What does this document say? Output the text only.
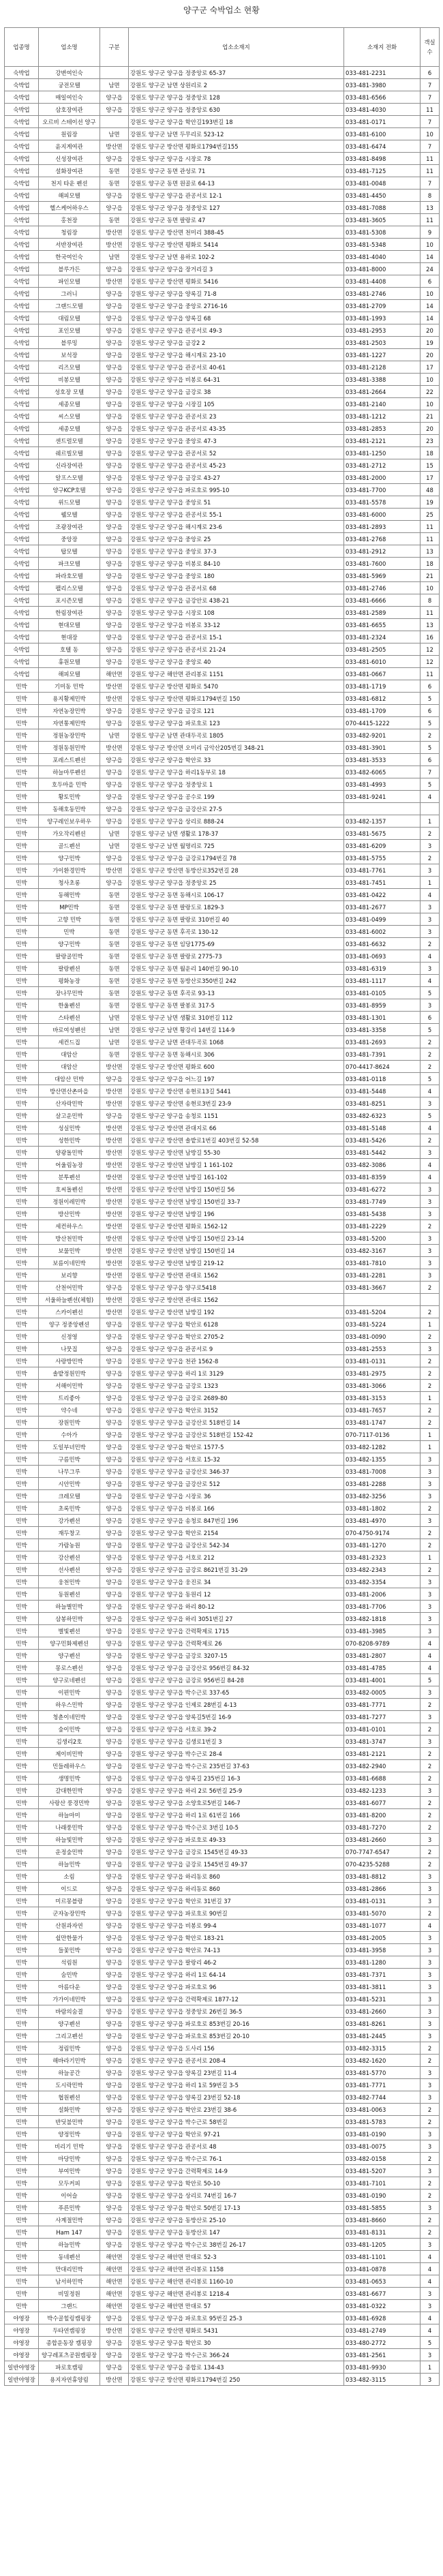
양구군 숙박업소 현황
업종명	업소명	구분	업소소재지	소재지 전화	객실수
숙박업	강변여인숙		강원도 양구군 양구읍 정중앙로 65-37	033-481-2231	6
숙박업	궁전모텔	남면	강원도 양구군 남면 상원리로 2	033-481-3980	7
숙박업	매일여인숙	양구읍	강원도 양구군 양구읍 정중앙로 128	033-481-6566	7
숙박업	삼호장여관	양구읍	강원도 양구군 양구읍 정중앙로 630	033-481-4030	11
숙박업	오르비 스테이션 양구		강원도 양구군 양구읍 학안길193번길 18	033-481-0171	7
숙박업	원림장	남면	강원도 양구군 남면 두무리로 523-12	033-481-6100	10
숙박업	윤지게여관	방산면	강원도 양구군 방산면 평화로1794번길155	033-481-6474	7
숙박업	신성장여관	양구읍	강원도 양구군 양구읍 시장로 78	033-481-8498	11
숙박업	설화장여관	동면	강원도 양구군 동면 관성로 71	033-481-7125	11
숙박업	천지 타운 펜션	동면	강원도 양구군 동면 원골로 64-13	033-481-0048	7
숙박업	해피모텔	양구읍	강원도 양구군 양구읍 관공서로 12-1	033-481-4450	8
숙박업	헬스케어하우스	양구읍	강원도 양구군 양구읍 정중앙로 127	033-481-7088	13
숙박업	홍천장	동면	강원도 양구군 동면 팔랑로 47	033-481-3605	11
숙박업	청림장	방산면	강원도 양구군 방산면 천미리 388-45	033-481-5308	9
숙박업	서반장여관	방산면	강원도 양구군 방산면 평화로 5414	033-481-5348	10
숙박업	한국여인숙	남면	강원도 양구군 남면 용하로 102-2	033-481-4040	14
숙박업	블루가든	양구읍	강원도 양구군 양구읍 장거리길 3	033-481-8000	24
숙박업	파인모텔	방산면	강원도 양구군 방산면 평화로 5416	033-481-4408	6
숙박업	그러니	양구읍	강원도 양구군 양구읍 양록길 71-8	033-481-2746	10
숙박업	그랜드모텔	양구읍	강원도 양구군 양구읍 중앙로 2716-16	033-481-2709	14
숙박업	대림모텔	양구읍	강원도 양구군 양구읍 양록길 68	033-481-1993	14
숙박업	포인모텔	양구읍	강원도 양구군 양구읍 관공서로 49-3	033-481-2953	20
숙박업	블루밍	양구읍	강원도 양구군 양구읍 금강2 2	033-481-2503	19
숙박업	보석장	양구읍	강원도 양구군 양구읍 해시계로 23-10	033-481-1227	20
숙박업	리즈모텔	양구읍	강원도 양구군 양구읍 관공서로 40-61	033-481-2128	17
숙박업	비봉모텔	양구읍	강원도 양구군 양구읍 비봉로 64-31	033-481-3388	10
숙박업	성호장 모텔	양구읍	강원도 양구군 양구읍 금강로 38	033-481-2664	22
숙박업	세종모텔	양구읍	강원도 양구군 양구읍 시장길 105	033-481-2140	10
숙박업	씨스모텔	양구읍	강원도 양구군 양구읍 관공서로 23	033-481-1212	21
숙박업	세종모텔	양구읍	강원도 양구군 양구읍 관공서로 43-35	033-481-2853	20
숙박업	센트럴모텔	양구읍	강원도 양구군 양구읍 중앙로 47-3	033-481-2121	23
숙박업	쉐르빌모텔	양구읍	강원도 양구군 양구읍 관공서로 52	033-481-1250	18
숙박업	신라장여관	양구읍	강원도 양구군 양구읍 관공서로 45-23	033-481-2712	15
숙박업	알프스모텔	양구읍	강원도 양구군 양구읍 금강로 43-27	033-481-2000	17
숙박업	양구KCP호텔	양구읍	강원도 양구군 양구읍 파로호로 995-10	033-481-7700	48
숙박업	위드모텔	양구읍	강원도 양구군 양구읍 중앙로 51	033-481-5578	19
숙박업	웰모텔	양구읍	강원도 양구군 양구읍 관공서로 55-1	033-481-6000	25
숙박업	조광장여관	양구읍	강원도 양구군 양구읍 해시계로 23-6	033-481-2893	11
숙박업	중앙장	양구읍	강원도 양구군 양구읍 중앙로 25	033-481-2768	11
숙박업	탑모텔	양구읍	강원도 양구군 양구읍 중앙로 37-3	033-481-2912	13
숙박업	파크모텔	양구읍	강원도 양구군 양구읍 비봉로 84-10	033-481-7600	18
숙박업	파라호모텔	양구읍	강원도 양구군 양구읍 중앙로 180	033-481-5969	21
숙박업	팰리스모텔	양구읍	강원도 양구군 양구읍 관공서로 68	033-481-2746	10
숙박업	포시즌모텔	양구읍	강원도 양구군 양구읍 금강안로 438-21	033-481-6666	8
숙박업	한림장여관	양구읍	강원도 양구군 양구읍 시장로 108	033-481-2589	11
숙박업	현대모텔	양구읍	강원도 양구군 양구읍 비봉로 33-12	033-481-6655	13
숙박업	현대장	양구읍	강원도 양구군 양구읍 관공서로 15-1	033-481-2324	16
숙박업	호텔 동	양구읍	강원도 양구군 양구읍 관공서로 21-24	033-481-2505	12
숙박업	휴원모텔	양구읍	강원도 양구군 양구읍 중앙로 40	033-481-6010	12
숙박업	해피모텔	해안면	강원도 양구군 해안면 관리봉로 1151	033-481-0667	11
민박	기미동 민박	방산면	강원도 양구군 방산면 평화로 5470	033-481-1719	6
민박	용지황제민박	방산면	강원도 양구군 방산면 평화로1794번길 150	033-481-6812	5
민박	자연농장민박	양구읍	강원도 양구군 양구읍 금강로 121	033-481-1709	6
민박	자연통제민박	양구읍	강원도 양구군 양구읍 파로호로 123	070-4415-1222	5
민박	정원농장민박	남면	강원도 양구군 남면 관대두곡로 1805	033-482-9201	2
민박	정원동원민박	방산면	강원도 양구군 방산면 오미리 금악산205번길 348-21	033-481-3901	5
민박	포레스트펜션	양구읍	강원도 양구군 양구읍 학안로 33	033-481-3533	6
민박	하늘마루펜션	양구읍	강원도 양구군 양구읍 하리1동부로 18	033-482-6065	7
민박	호두마을 민박	양구읍	강원도 양구군 양구읍 정중앙로 1	033-481-4993	5
민박	황토민박	양구읍	강원도 양구군 양구읍 공수로 199	033-481-9241	4
민박	동해호동민박	양구읍	강원도 양구군 양구읍 금강산로 27-5		
민박	양구레인보우하우	양구읍	강원도 양구군 양구읍 상리로 888-24	033-482-1357	1
민박	가오작리펜션	남면	강원도 양구군 남면 생활로 178-37	033-481-5675	2
민박	골드펜션	남면	강원도 양구군 남면 월명리로 725	033-481-6209	3
민박	양구민박	양구읍	강원도 양구군 양구읍 금강로1794번길 78	033-481-5755	2
민박	가이환경민박	방산면	강원도 양구군 방산면 동방산로352번길 28	033-481-7761	3
민박	청사초롱	양구읍	강원도 양구군 양구읍 정중앙로 25	033-481-7451	1
민박	동해민박	동면	강원도 양구군 동면 동해시로 106-17	033-481-0422	4
민박	MP민박	동면	강원도 양구군 동면 팔랑도로 1829-3	033-481-2677	3
민박	고향 민박	동면	강원도 양구군 동면 팔랑로 310번길 40	033-481-0499	3
민박	민박	동면	강원도 양구군 동면 후곡로 130-12	033-481-6002	3
민박	양구민박	동면	강원도 양구군 동면 임당1775-69	033-481-6632	2
민박	팔랑골민박	동면	강원도 양구군 동면 팔랑로 2775-73	033-481-0693	4
민박	팔랑펜션	동면	강원도 양구군 동면 월운리 140번길 90-10	033-481-6319	3
민박	평화농장	동면	강원도 양구군 동면 동방산로350번길 242	033-481-1117	4
민박	장나무민박	동면	강원도 양구군 동면 후곡로 93-13	033-481-0105	5
민박	한울펜션	동면	강원도 양구군 동면 팔봉로 317-5	033-481-8959	3
민박	스타펜션	남면	강원도 양구군 남면 생활로 310번길 112	033-481-1301	6
민박	바로여성팬션	남면	강원도 양구군 남면 황강리 14번길 114-9	033-481-3358	5
민박	세컨드집	남면	강원도 양구군 남면 관대두곡로 1068	033-481-2693	2
민박	대암산	동면	강원도 양구군 동면 동해시로 306	033-481-7391	2
민박	대암산	방산면	강원도 양구군 방산면 평화로 600	070-4417-8624	2
민박	대암산 민박	양구읍	강원도 양구군 양구읍 어느길 197	033-481-0118	5
민박	방산면산촌마을	방산면	강원도 양구군 방산면 송현로13길 5441	033-481-5448	4
민박	산자락민박	방산면	강원도 양구군 방산면 송현로3번길 23-9	033-481-8251	3
민박	살고운민박	양구읍	강원도 양구군 양구읍 송청로 1151	033-482-6323	5
민박	성실민박	방산면	강원도 양구군 방산면 관대지로 66	033-481-5148	4
민박	성한민박	방산면	강원도 양구군 방산면 솔밭로1번길 403번길 52-58	033-481-5426	2
민박	양광돌민박	방산면	강원도 양구군 방산면 남방길 55-30	033-481-5442	3
민박	어울림농장	방산면	강원도 양구군 방산면 남방길 1 161-102	033-482-3086	4
민박	분투펜션	방산면	강원도 양구군 방산면 남방길 161-102	033-481-8359	4
민박	호씨돌펜션	방산면	강원도 양구군 방산면 남방길 150번길 56	033-481-6272	3
민박	정원이레민박	방산면	강원도 양구군 방산면 남방길 150번길 33-7	033-481-7749	3
민박	방산민박	방산면	강원도 양구군 방산면 남방길 196	033-481-5438	3
민박	세컨하우스	방산면	강원도 양구군 방산면 평화로 1562-12	033-481-2229	2
민박	방산천민박	방산면	강원도 양구군 방산면 남방길 150번길 23-14	033-481-5200	3
민박	보물민박	방산면	강원도 양구군 방산면 남방길 150번길 14	033-482-3167	3
민박	보름이네민박	방산면	강원도 양구군 방산면 남방길 219-12	033-481-7810	3
민박	보리향	방산면	강원도 양구군 방산면 관대로 1562	033-481-2281	3
민박	산천어민박	양구읍	강원도 양구군 양구읍 양구로5418	033-481-3667	2
민박	서울하늘펜션(체험)	방산면	강원도 양구군 방산면 관대로 1562		
민박	스카이펜션	방산면	강원도 양구군 방산면 남방길 192	033-481-5204	2
민박	양구 정중앙펜션	양구읍	강원도 양구군 양구읍 학안로 6128	033-481-5224	1
민박	신정영	양구읍	강원도 양구군 양구읍 학안로 2705-2	033-481-0090	2
민박	나뭇집	양구읍	강원도 양구군 양구읍 관공서로 9	033-481-2553	3
민박	사랑방민박	양구읍	강원도 양구군 양구읍 천관 1562-8	033-481-0131	2
민박	솔밭정원민박	양구읍	강원도 양구군 양구읍 하리 1로 3129	033-481-2975	2
민박	서해이민박	양구읍	강원도 양구군 양구읍 금강로 1323	033-481-3066	2
민박	트리좋아	양구읍	강원도 양구군 양구읍 금강로 2689-80	033-481-3153	1
민박	약수네	양구읍	강원도 양구군 양구읍 학안로 3152	033-481-7657	2
민박	장원민박	양구읍	강원도 양구군 양구읍 금강산로 518번길 14	033-481-1747	2
민박	수아가	양구읍	강원도 양구군 양구읍 금강산로 518번길 152-42	070-7117-0136	1
민박	도일부녀민박	양구읍	강원도 양구군 양구읍 학안로 1577-5	033-482-1282	1
민박	구름민박	양구읍	강원도 양구군 양구읍 서호로 15-32	033-482-1355	3
민박	나무그루	양구읍	강원도 양구군 양구읍 금강산로 346-37	033-481-7008	3
민박	시안민박	양구읍	강원도 양구군 양구읍 금강산로 512	033-481-2288	3
민박	크레모텔	양구읍	강원도 양구군 양구읍 시장로 36	033-482-3256	3
민박	초록민박	양구읍	강원도 양구군 양구읍 비봉로 166	033-481-1802	2
민박	강가펜션	양구읍	강원도 양구군 양구읍 송청로 847번길 196	033-481-4970	3
민박	재두창고	양구읍	강원도 양구군 양구읍 학안로 2154	070-4750-9174	2
민박	가람농원	양구읍	강원도 양구군 양구읍 금강산로 542-34	033-481-1270	2
민박	강산펜션	양구읍	강원도 양구군 양구읍 서호로 212	033-481-2323	1
민박	선사펜션	양구읍	강원도 양구군 양구읍 금강로 8621번길 31-29	033-482-2343	2
민박	웅천민박	양구읍	강원도 양구군 양구읍 웅진로 34	033-482-3354	3
민박	동원펜션	양구읍	강원도 양구군 양구읍 동원리 12	033-481-2006	3
민박	하늘별민박	양구읍	강원도 양구군 양구읍 하리 80-12	033-481-7706	3
민박	삼봉하민박	양구읍	강원도 양구군 양구읍 하리 3051번길 27	033-482-1818	3
민박	별빛펜션	양구읍	강원도 양구군 양구읍 간력확제로 1715	033-481-3985	3
민박	양구민화제펜션	양구읍	강원도 양구군 양구읍 간력확제로 26	070-8208-9789	4
민박	양구펜션	양구읍	강원도 양구군 양구읍 금강로 3207-15	033-481-2807	4
민박	몽로스펜션	양구읍	강원도 양구군 양구읍 금강산로 956번길 84-32	033-481-4785	4
민박	양구로네펜션	양구읍	강원도 양구군 양구읍 금강로 956번길 84-28	033-481-4001	5
민박	이편민박	양구읍	강원도 양구군 양구읍 박수근로 337-65	033-482-0005	3
민박	하우스민박	양구읍	강원도 양구군 양구읍 인제로 28번길 4-13	033-481-7771	2
민박	청춘이네민박	양구읍	강원도 양구군 양구읍 양록길5번길 16-9	033-481-7277	3
민박	숲이민박	양구읍	강원도 양구군 양구읍 서호로 39-2	033-481-0101	2
민박	김생리2호	양구읍	강원도 양구군 양구읍 김생로1번길 3	033-481-3747	3
민박	제이비민박	양구읍	강원도 양구군 양구읍 박수근로 28-4	033-481-2121	2
민박	민들레하우스	양구읍	강원도 양구군 양구읍 박수근로 235번길 37-63	033-482-2940	2
민박	생명민박	양구읍	강원도 양구군 양구읍 양록길 235번길 16-3	033-481-6688	2
민박	갈대한민박	양구읍	강원도 양구군 양구읍 하리 2로 56번길 25-9	033-482-1233	3
민박	사랑산 풍경민박	양구읍	강원도 양구군 양구읍 소양호로5번길 146-7	033-481-6077	2
민박	하늘마미	양구읍	강원도 양구군 양구읍 하리 1로 61번길 166	033-481-8200	2
민박	나래풍민박	양구읍	강원도 양구군 양구읍 박수근로 3번길 10-5	033-481-7270	2
민박	하늘빛민박	양구읍	강원도 양구군 양구읍 파로호로 49-33	033-481-2660	3
민박	운정숲민박	양구읍	강원도 양구군 양구읍 금강로 1545번길 49-33	070-7747-6547	2
민박	하늘민박	양구읍	강원도 양구군 양구읍 금강로 1545번길 49-37	070-4235-5288	2
민박	소림	양구읍	강원도 양구군 양구읍 하리동로 860	033-481-8812	3
민박	이드로	양구읍	강원도 양구군 양구읍 하리동로 860	033-481-2866	3
민박	미르몽블랑	양구읍	강원도 양구군 양구읍 학안로 31번길 37	033-481-0131	3
민박	군자농장민박	양구읍	강원도 양구군 양구읍 파로호로 90번길	033-481-5070	2
민박	산원과자연	양구읍	강원도 양구군 양구읍 비봉로 99-4	033-481-1077	4
민박	쉴만한물가	양구읍	강원도 양구군 양구읍 학안로 183-21	033-481-2005	3
민박	들꽃민박	양구읍	강원도 양구군 양구읍 학안로 74-13	033-481-3958	3
민박	석림원	양구읍	강원도 양구군 양구읍 팔랑리 46-2	033-481-1280	3
민박	숨민박	양구읍	강원도 양구군 양구읍 하리 1로 64-14	033-481-7371	3
민박	아름다운	양구읍	강원도 양구군 양구읍 파로호로 96	033-481-3811	3
민박	가가이네민박	양구읍	강원도 양구군 양구읍 간력확제로 1877-12	033-481-5231	3
민박	바람의숨결	양구읍	강원도 양구군 양구읍 정중앙로 26번길 36-5	033-481-2660	3
민박	양구펜션	양구읍	강원도 양구군 양구읍 파로호로 853번길 20-16	033-481-8261	3
민박	그리고펜션	양구읍	강원도 양구군 양구읍 파로호로 853번길 20-10	033-481-2445	3
민박	정림민박	양구읍	강원도 양구군 양구읍 도사리 156	033-482-3315	2
민박	해바라기민박	양구읍	강원도 양구군 양구읍 관공서로 208-4	033-482-1620	2
민박	하늘공간	양구읍	강원도 양구군 양구읍 양록길 23번길 11-4	033-481-5770	3
민박	도시락민박	양구읍	강원도 양구군 양구읍 하리 1로 59번길 3-5	033-481-7771	3
민박	협원펜션	양구읍	강원도 양구군 양구읍 양록길 23번길 52-18	033-482-7744	3
민박	설화민박	양구읍	강원도 양구군 양구읍 학안로 23번길 38-6	033-481-0063	2
민박	반딧불민박	양구읍	강원도 양구군 양구읍 박수근로 58번길	033-481-5783	2
민박	양정민박	양구읍	강원도 양구군 양구읍 학안로 97-21	033-481-0190	3
민박	비리기 민박	양구읍	강원도 양구군 양구읍 관공서로 48	033-481-0075	3
민박	마당민박	양구읍	강원도 양구군 양구읍 박수근로 76-1	033-482-0158	2
민박	부여민박	양구읍	강원도 양구군 양구읍 간력확제로 14-9	033-481-5207	3
민박	모두커피	양구읍	강원도 양구군 양구읍 학안로 50-10	033-481-7101	2
민박	이어슬	양구읍	강원도 양구군 양구읍 상리로 74번길 16-7	033-481-0190	2
민박	푸른민박	양구읍	강원도 양구군 양구읍 학안로 50번길 17-13	033-481-5855	3
민박	사계절민박	양구읍	강원도 양구군 양구읍 동방산로 25-10	033-481-8660	2
민박	Ham 147	양구읍	강원도 양구군 양구읍 동방산로 147	033-481-8131	2
민박	하늘민박	양구읍	강원도 양구군 양구읍 박수근로 38번길 26-17	033-481-1205	3
민박	동네펜션	해안면	강원도 양구군 해안면 만대로 52-3	033-481-1101	4
민박	만대리민박	해안면	강원도 양구군 해안면 관리봉로 1158	033-481-0878	4
민박	남서하민박	해안면	강원도 양구군 해안면 관리봉로 1160-10	033-481-0653	4
민박	비밀정원	해안면	강원도 양구군 해안면 관리봉로 1218-4	033-481-6677	3
민박	그랜드	해안면	강원도 양구군 해안면 만대로 57	033-481-0322	3
야영장	박수골힐링캠핑장	양구읍	강원도 양구군 양구읍 파로호로 95번길 25-3	033-481-6928	4
야영장	두타연캠핑장	방산면	강원도 양구군 방산면 평화로 5431	033-481-2749	4
야영장	종합운동장 캠핑장	양구읍	강원도 양구군 양구읍 학안로 30	033-480-2772	5
야영장	양구레포츠공원캠핑장	양구읍	강원도 양구군 양구읍 박수근로 366-24	033-481-2561	3
일반야영장	파로호캠핑	양구읍	강원도 양구군 양구읍 종합로 134-43	033-481-9930	1
일반야영장	용지자연휴양림	방산면	강원도 양구군 방산면 평화로1794번길 250	033-482-3115	3
